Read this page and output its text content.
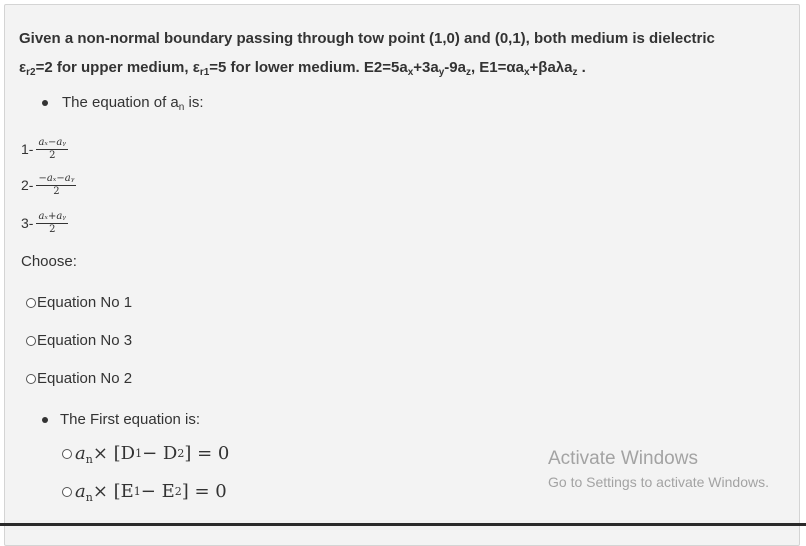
Given a non-normal boundary passing through tow point (1,0) and (0,1), both medium is dielectric
$\varepsilon_{r2}=2$ for upper medium, $\varepsilon_{r1}=5$ for lower medium. $E2=5a_x+3a_y-9a_z$, $E1=\alpha a_x+\beta a\lambda a_z$ .
The equation of $a_n$ is:
$1- \frac{\text{aₓ−aᵧ}}{2}$
$2- \frac{\text{−aₓ−aᵧ}}{2}$
$3- \frac{\text{aₓ+aᵧ}}{2}$
Choose:
Equation No 1
Equation No 3
Equation No 2
The First equation is:
$a_n \times [D$ 1 − D 2 ] = 0
$a_n \times [E$ 1 − E 2 ] = 0
Activate Windows
Go to Settings to activate Windows.
